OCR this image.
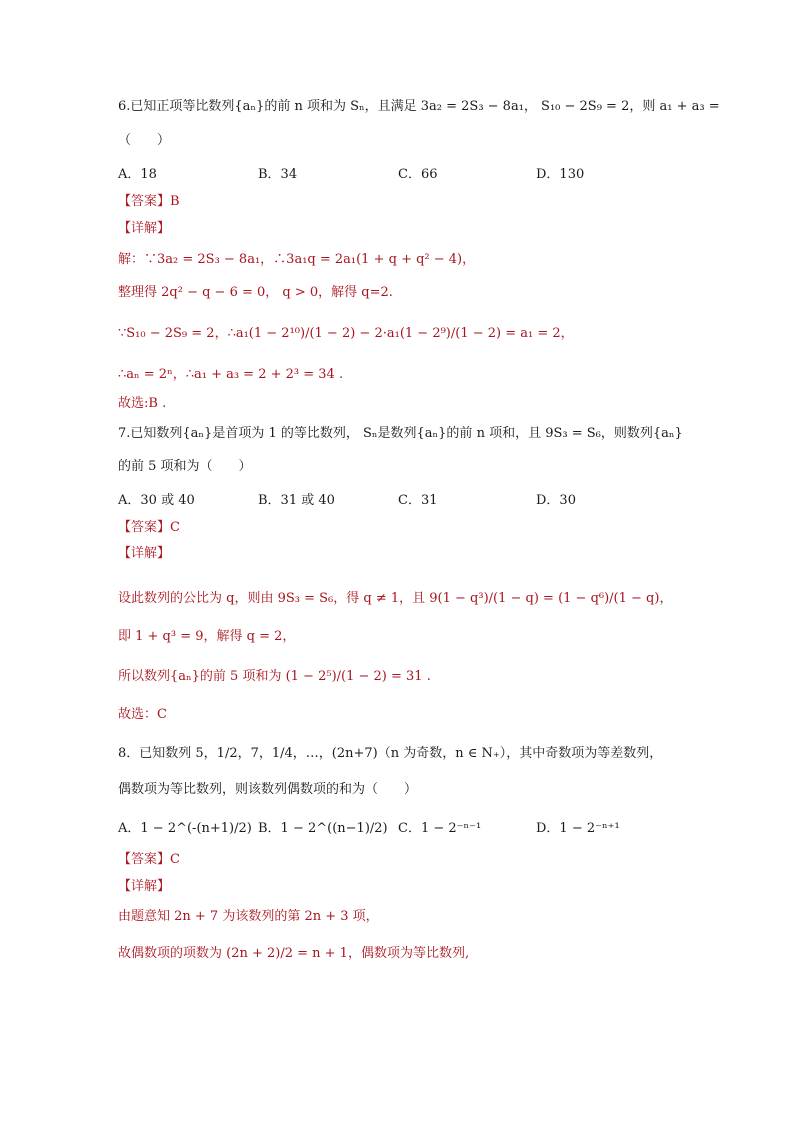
6.已知正项等比数列{aₙ}的前 n 项和为 Sₙ，且满足 3a₂ = 2S₃ − 8a₁， S₁₀ − 2S₉ = 2，则 a₁ + a₃ =
（　　）
A．18	B．34	C．66	D．130
【答案】B
【详解】
解：∵3a₂ = 2S₃ − 8a₁，∴3a₁q = 2a₁(1 + q + q² − 4)，
整理得 2q² − q − 6 = 0， q > 0，解得 q=2.
∵S₁₀ − 2S₉ = 2，∴a₁(1 − 2¹⁰)/(1 − 2) − 2·a₁(1 − 2⁹)/(1 − 2) = a₁ = 2，
∴aₙ = 2ⁿ，∴a₁ + a₃ = 2 + 2³ = 34 .
故选:B .
7.已知数列{aₙ}是首项为 1 的等比数列， Sₙ是数列{aₙ}的前 n 项和，且 9S₃ = S₆，则数列{aₙ}
的前 5 项和为（　　）
A．30 或 40	B．31 或 40	C．31	D．30
【答案】C
【详解】
设此数列的公比为 q，则由 9S₃ = S₆，得 q ≠ 1，且 9(1 − q³)/(1 − q) = (1 − q⁶)/(1 − q)，
即 1 + q³ = 9，解得 q = 2，
所以数列{aₙ}的前 5 项和为 (1 − 2⁵)/(1 − 2) = 31 .
故选：C
8．已知数列 5，1/2，7，1/4，…，(2n+7)（n 为奇数，n ∈ N₊），其中奇数项为等差数列，
偶数项为等比数列，则该数列偶数项的和为（　　）
A．1 − 2^(-(n+1)/2) B．1 − 2^((n−1)/2) C．1 − 2⁻ⁿ⁻¹	D．1 − 2⁻ⁿ⁺¹
【答案】C
【详解】
由题意知 2n + 7 为该数列的第 2n + 3 项，
故偶数项的项数为 (2n + 2)/2 = n + 1，偶数项为等比数列,
